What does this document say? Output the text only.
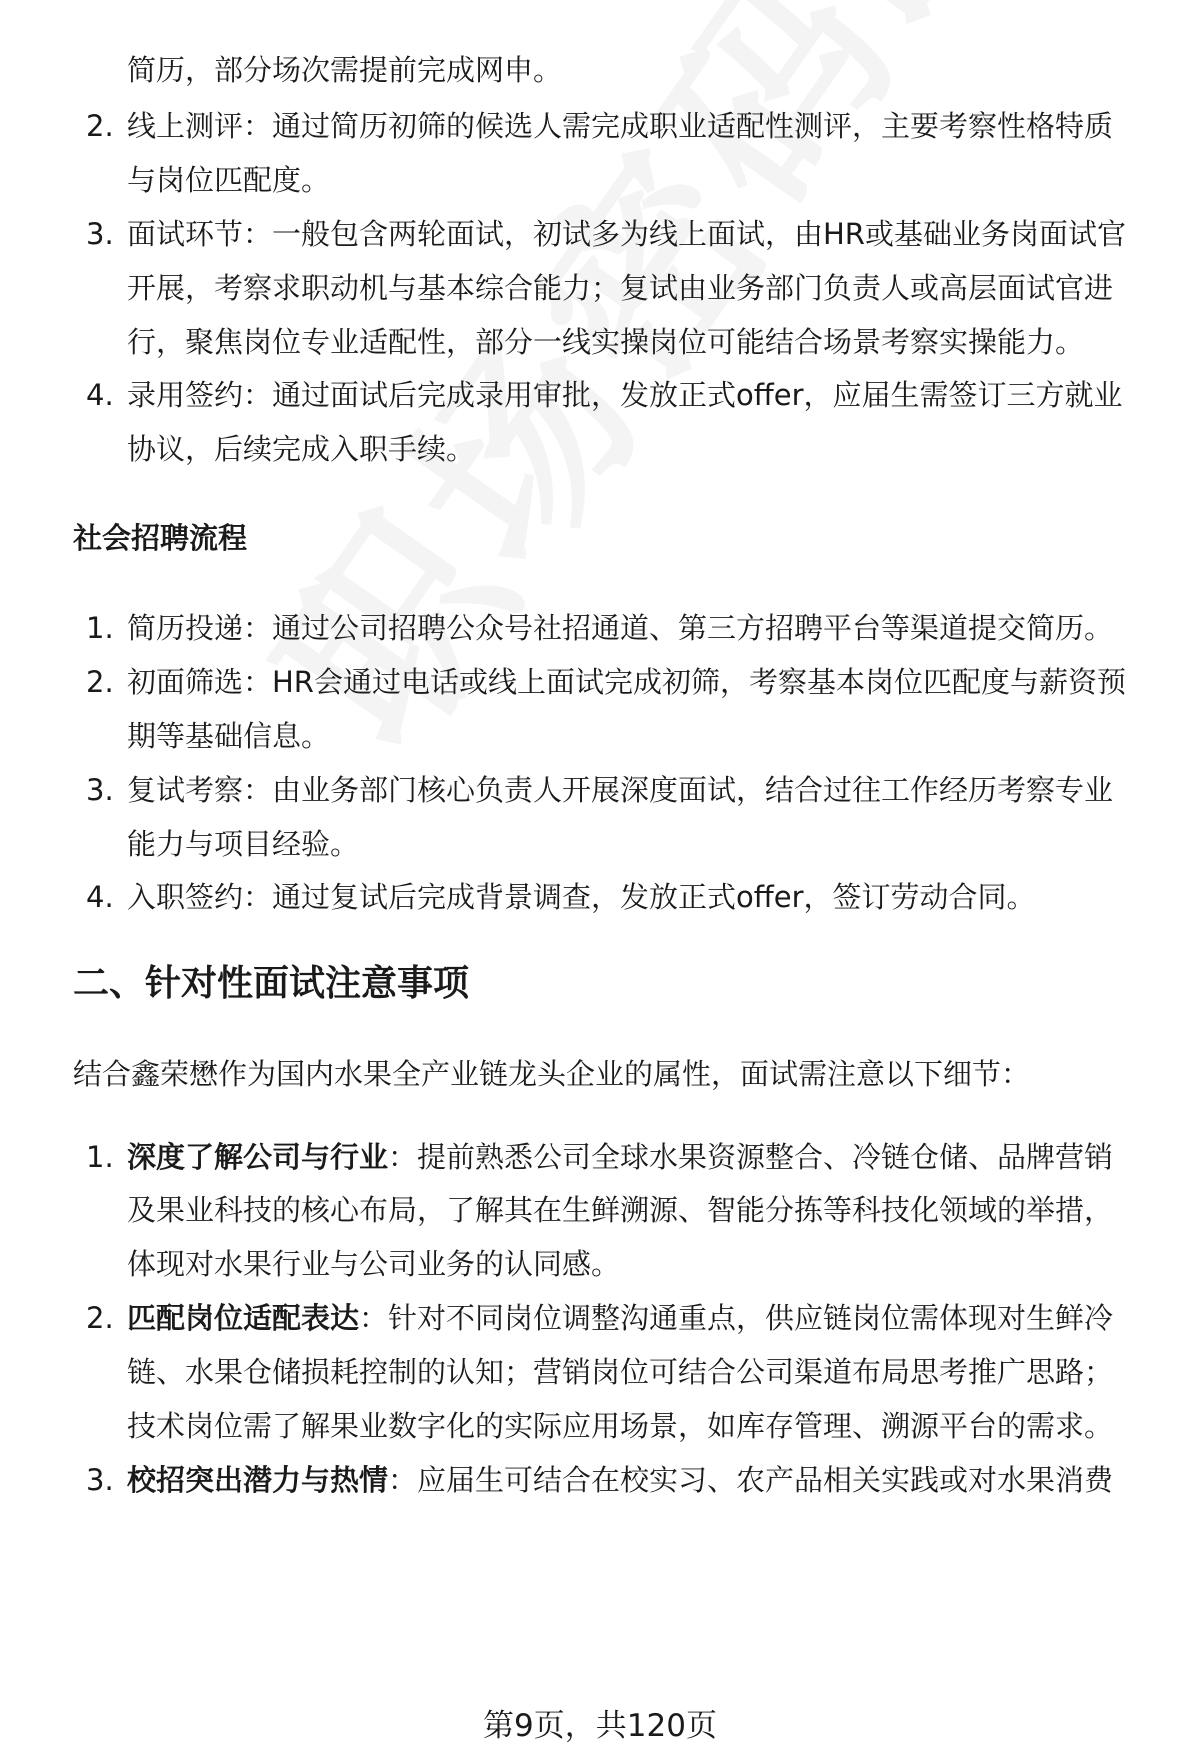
简历，部分场次需提前完成网申。
2. 线上测评：通过简历初筛的候选人需完成职业适配性测评，主要考察性格特质
与岗位匹配度。
3. 面试环节：一般包含两轮面试，初试多为线上面试，由HR或基础业务岗面试官
开展，考察求职动机与基本综合能力；复试由业务部门负责人或高层面试官进
行，聚焦岗位专业适配性，部分一线实操岗位可能结合场景考察实操能力。
4. 录用签约：通过面试后完成录用审批，发放正式offer，应届生需签订三方就业
协议，后续完成入职手续。
社会招聘流程
1. 简历投递：通过公司招聘公众号社招通道、第三方招聘平台等渠道提交简历。
2. 初面筛选：HR会通过电话或线上面试完成初筛，考察基本岗位匹配度与薪资预
期等基础信息。
3. 复试考察：由业务部门核心负责人开展深度面试，结合过往工作经历考察专业
能力与项目经验。
4. 入职签约：通过复试后完成背景调查，发放正式offer，签订劳动合同。
二、针对性面试注意事项
结合鑫荣懋作为国内水果全产业链龙头企业的属性，面试需注意以下细节：
1. 深度了解公司与行业：提前熟悉公司全球水果资源整合、冷链仓储、品牌营销
及果业科技的核心布局，了解其在生鲜溯源、智能分拣等科技化领域的举措，
体现对水果行业与公司业务的认同感。
2. 匹配岗位适配表达：针对不同岗位调整沟通重点，供应链岗位需体现对生鲜冷
链、水果仓储损耗控制的认知；营销岗位可结合公司渠道布局思考推广思路；
技术岗位需了解果业数字化的实际应用场景，如库存管理、溯源平台的需求。
3. 校招突出潜力与热情：应届生可结合在校实习、农产品相关实践或对水果消费
第9页，共120页
